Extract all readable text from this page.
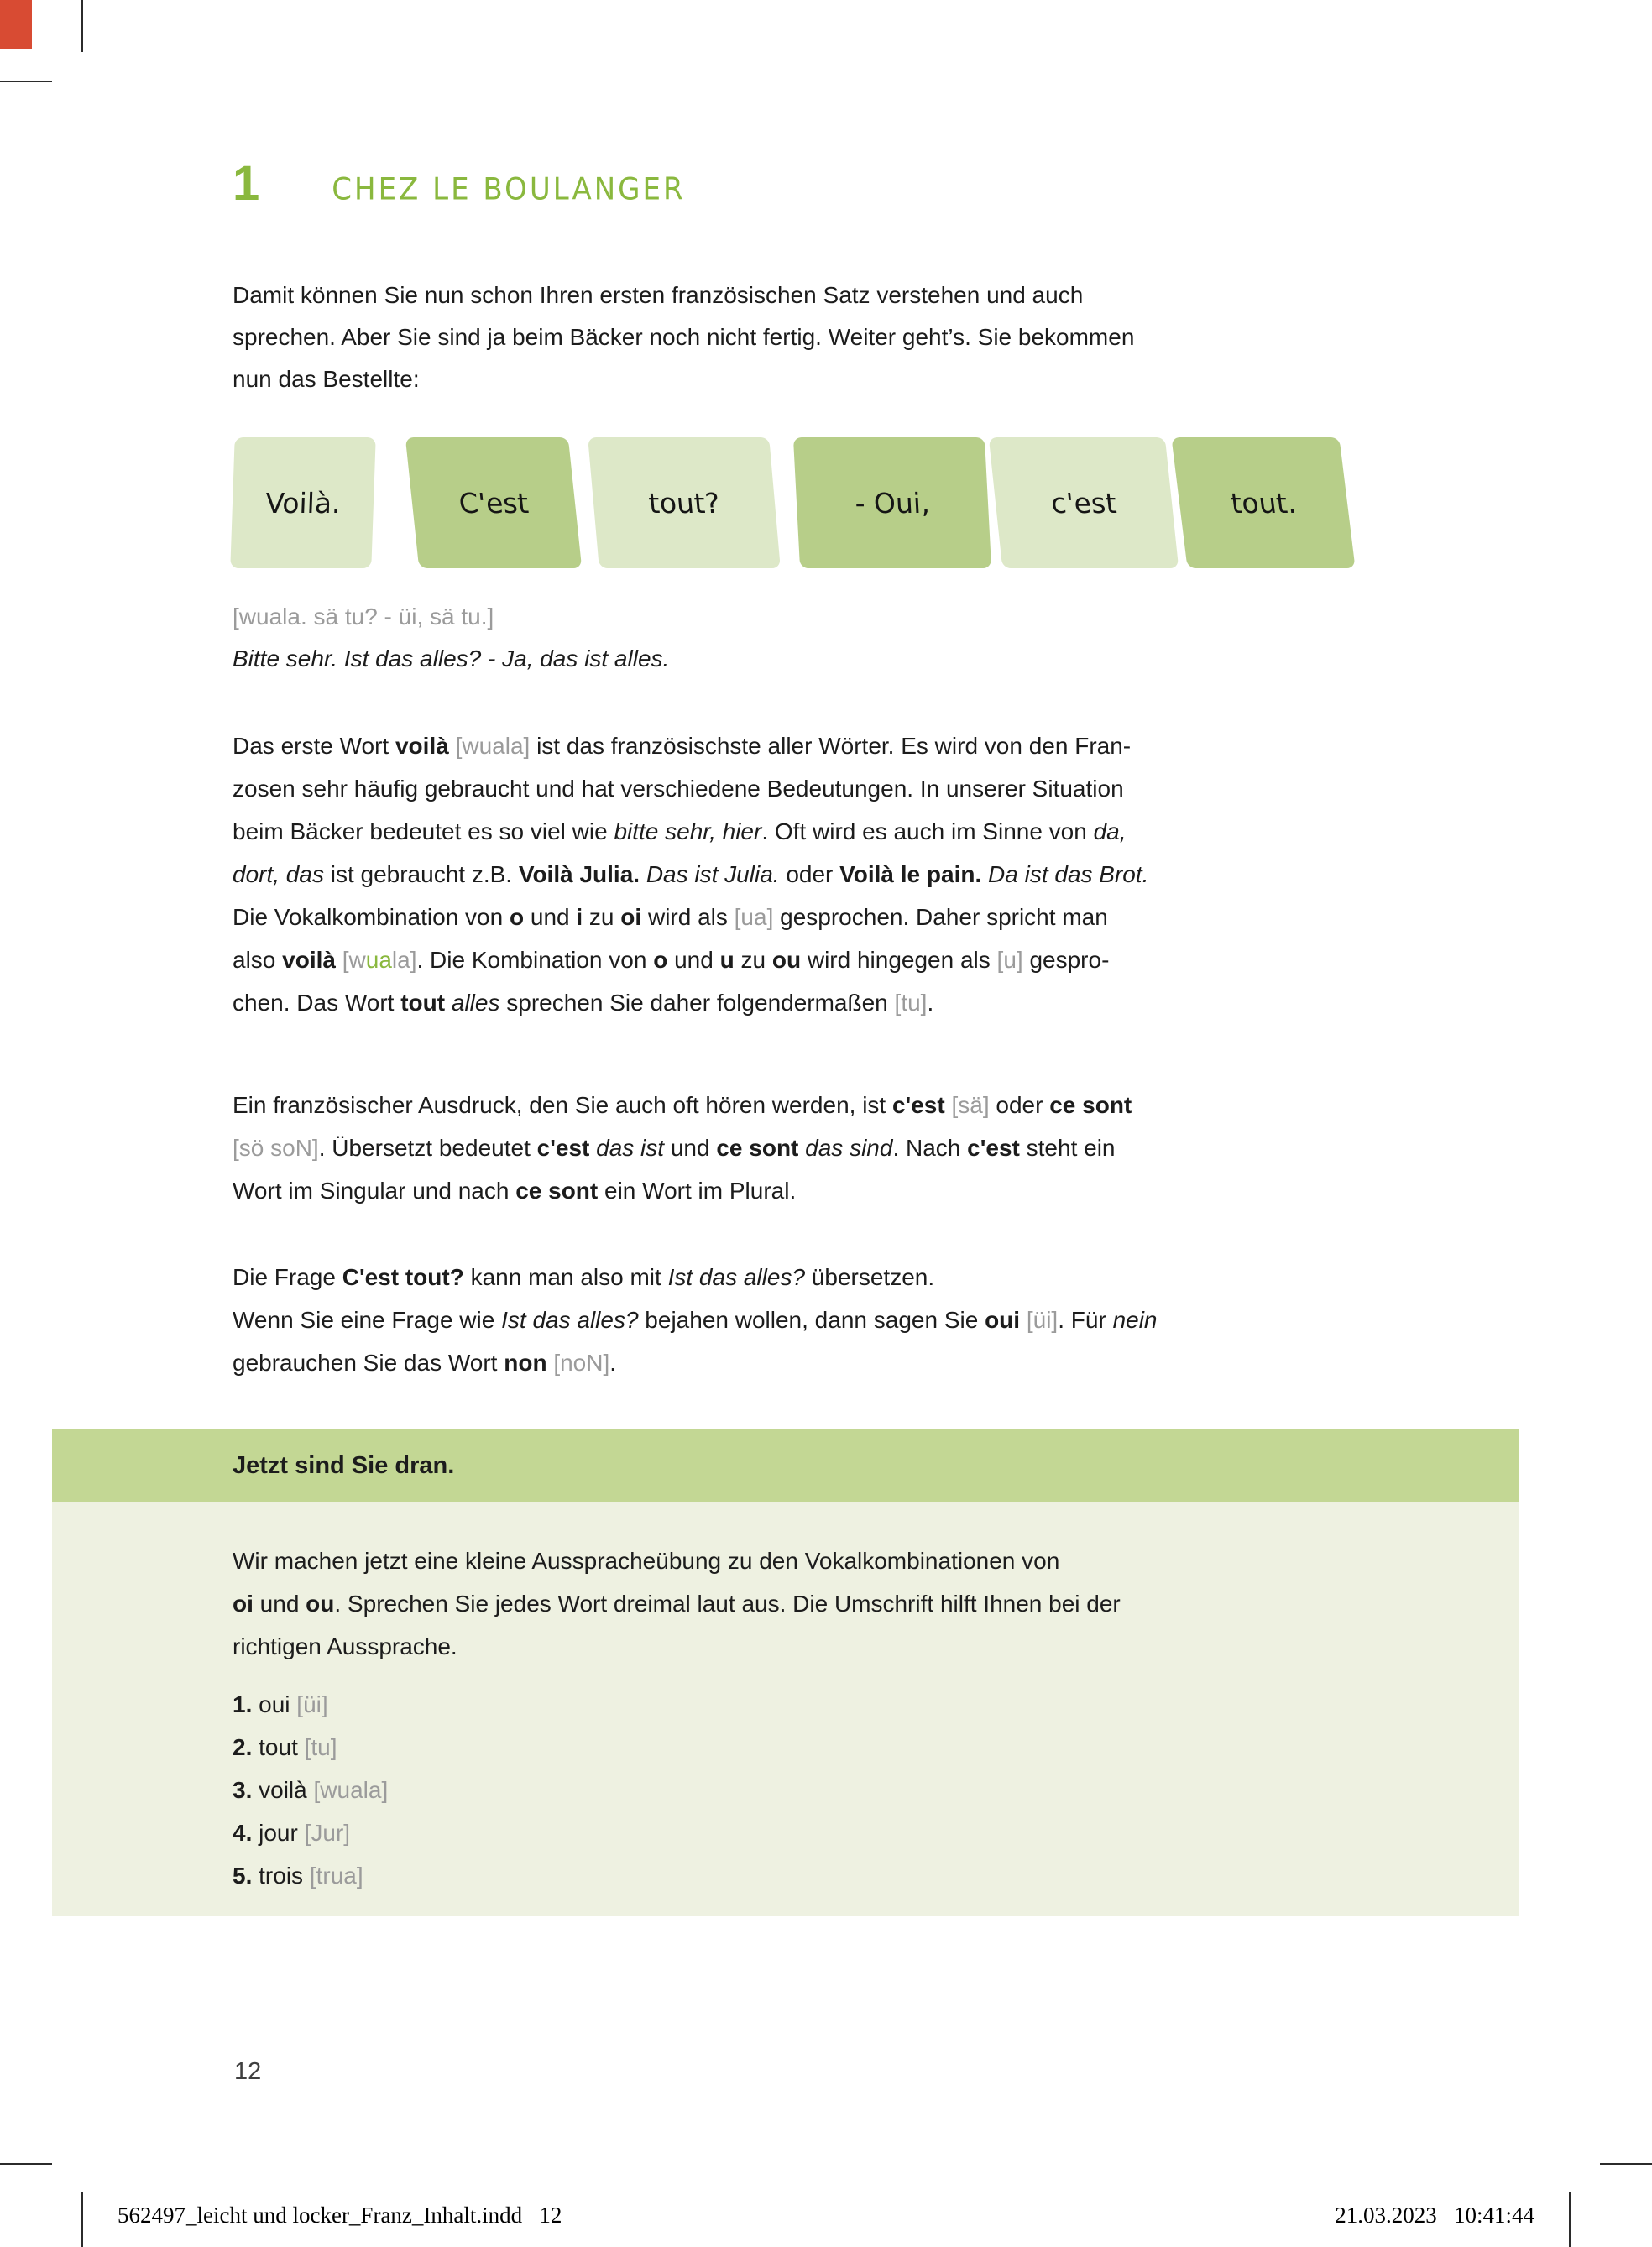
1	CHEZ LE BOULANGER
Damit können Sie nun schon Ihren ersten französischen Satz verstehen und auch
sprechen. Aber Sie sind ja beim Bäcker noch nicht fertig. Weiter geht’s. Sie bekommen
nun das Bestellte:
Voilà.	C'est	tout?	- Oui,	c'est	tout.
[wuala. sä tu? - üi, sä tu.]
Bitte sehr. Ist das alles? - Ja, das ist alles.
Das erste Wort voilà [wuala] ist das französischste aller Wörter. Es wird von den Fran-
zosen sehr häufig gebraucht und hat verschiedene Bedeutungen. In unserer Situation
beim Bäcker bedeutet es so viel wie bitte sehr, hier. Oft wird es auch im Sinne von da,
dort, das ist gebraucht z.B. Voilà Julia. Das ist Julia. oder Voilà le pain. Da ist das Brot.
Die Vokalkombination von o und i zu oi wird als [ua] gesprochen. Daher spricht man
also voilà [wuala]. Die Kombination von o und u zu ou wird hingegen als [u] gespro-
chen. Das Wort tout alles sprechen Sie daher folgendermaßen [tu].
Ein französischer Ausdruck, den Sie auch oft hören werden, ist c'est [sä] oder ce sont
[sö soN]. Übersetzt bedeutet c'est das ist und ce sont das sind. Nach c'est steht ein
Wort im Singular und nach ce sont ein Wort im Plural.
Die Frage C'est tout? kann man also mit Ist das alles? übersetzen.
Wenn Sie eine Frage wie Ist das alles? bejahen wollen, dann sagen Sie oui [üi]. Für nein
gebrauchen Sie das Wort non [noN].
Jetzt sind Sie dran.
Wir machen jetzt eine kleine Ausspracheübung zu den Vokalkombinationen von
oi und ou. Sprechen Sie jedes Wort dreimal laut aus. Die Umschrift hilft Ihnen bei der
richtigen Aussprache.
1. oui [üi]
2. tout [tu]
3. voilà [wuala]
4. jour [Jur]
5. trois [trua]
12
562497_leicht und locker_Franz_Inhalt.indd   12	21.03.2023   10:41:44
